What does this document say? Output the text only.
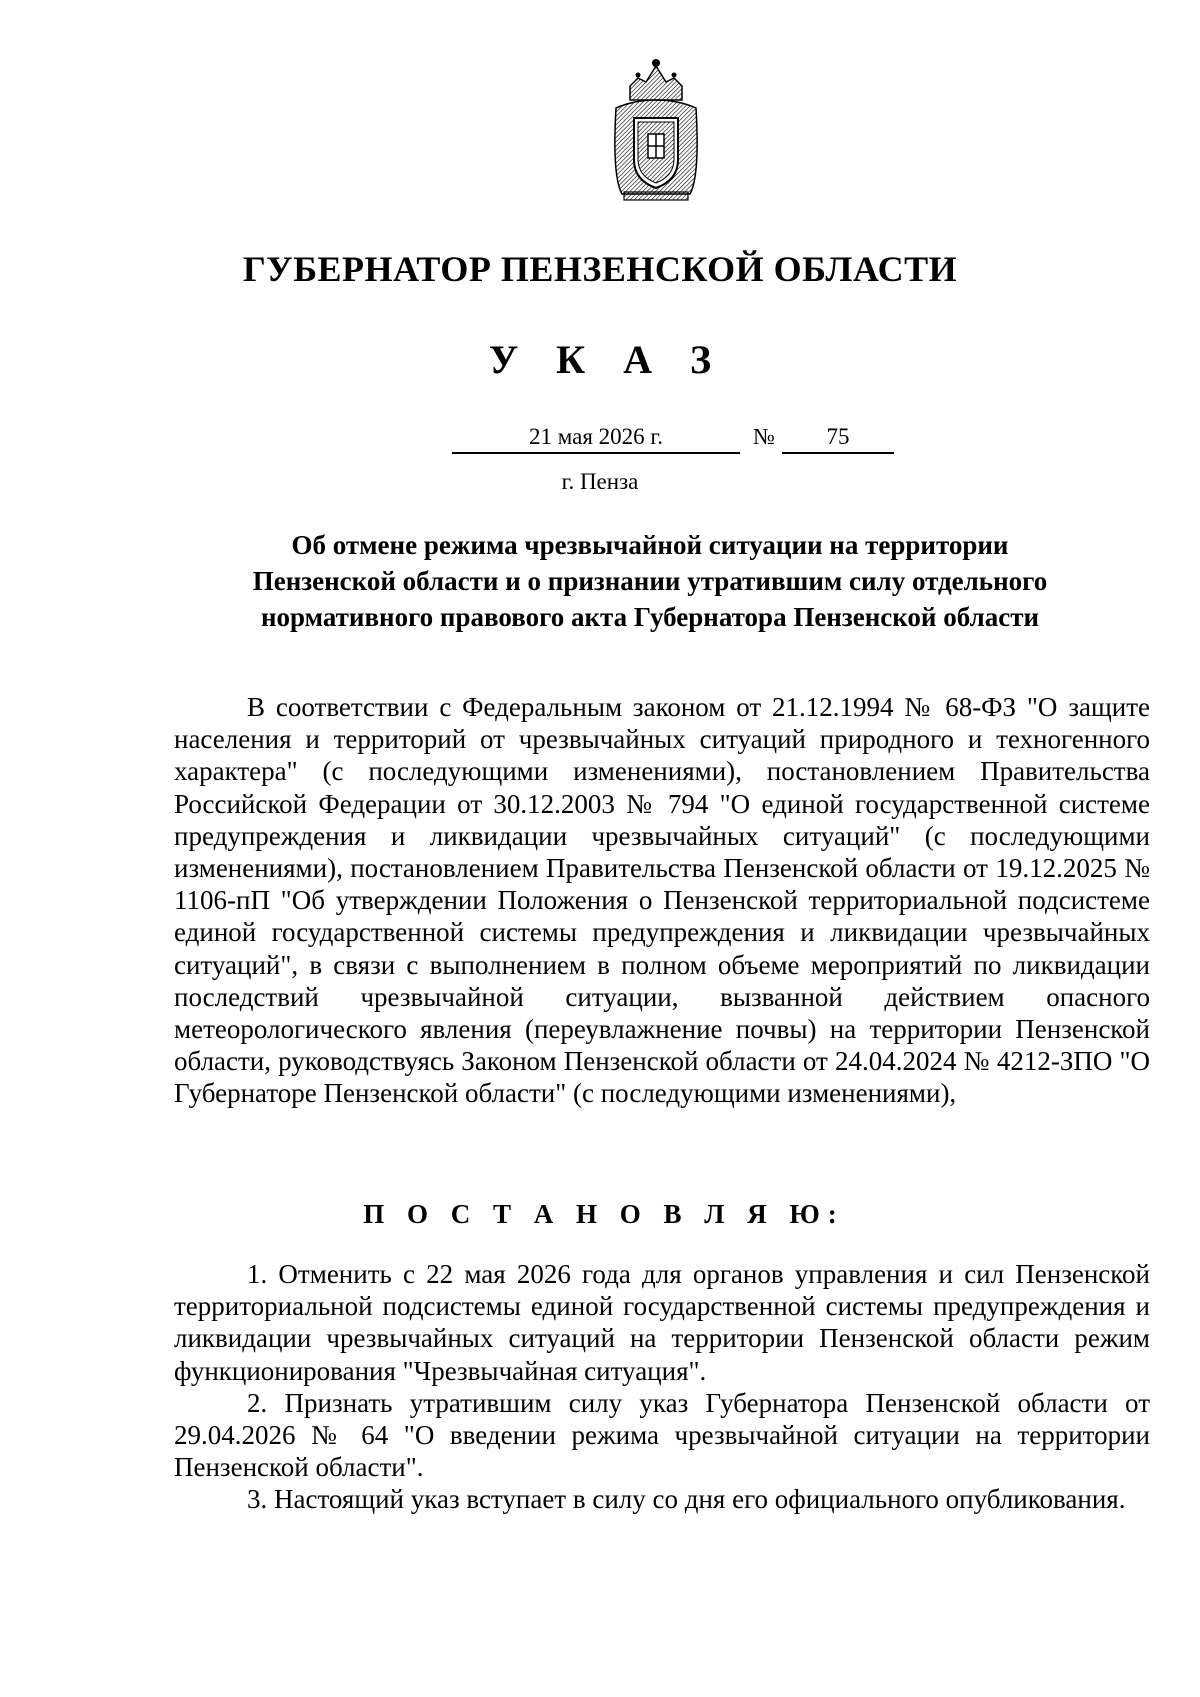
ГУБЕРНАТОР ПЕНЗЕНСКОЙ ОБЛАСТИ
У К А З
21 мая 2026 г.	№	75
г. Пенза
Об отмене режима чрезвычайной ситуации на территории Пензенской области и о признании утратившим силу отдельного нормативного правового акта Губернатора Пензенской области
В соответствии с Федеральным законом от 21.12.1994 № 68-ФЗ "О защите населения и территорий от чрезвычайных ситуаций природного и техногенного характера" (с последующими изменениями), постановлением Правительства Российской Федерации от 30.12.2003 № 794 "О единой государственной системе предупреждения и ликвидации чрезвычайных ситуаций" (с последующими изменениями), постановлением Правительства Пензенской области от 19.12.2025 № 1106-пП "Об утверждении Положения о Пензенской территориальной подсистеме единой государственной системы предупреждения и ликвидации чрезвычайных ситуаций", в связи с выполнением в полном объеме мероприятий по ликвидации последствий чрезвычайной ситуации, вызванной действием опасного метеорологического явления (переувлажнение почвы) на территории Пензенской области, руководствуясь Законом Пензенской области от 24.04.2024 № 4212-ЗПО "О Губернаторе Пензенской области" (с последующими изменениями),
П О С Т А Н О В Л Я Ю:

1. Отменить с 22 мая 2026 года для органов управления и сил Пензенской территориальной подсистемы единой государственной системы предупреждения и ликвидации чрезвычайных ситуаций на территории Пензенской области режим функционирования "Чрезвычайная ситуация".

2. Признать утратившим силу указ Губернатора Пензенской области от 29.04.2026 № 64 "О введении режима чрезвычайной ситуации на территории Пензенской области".

3. Настоящий указ вступает в силу со дня его официального опубликования.
